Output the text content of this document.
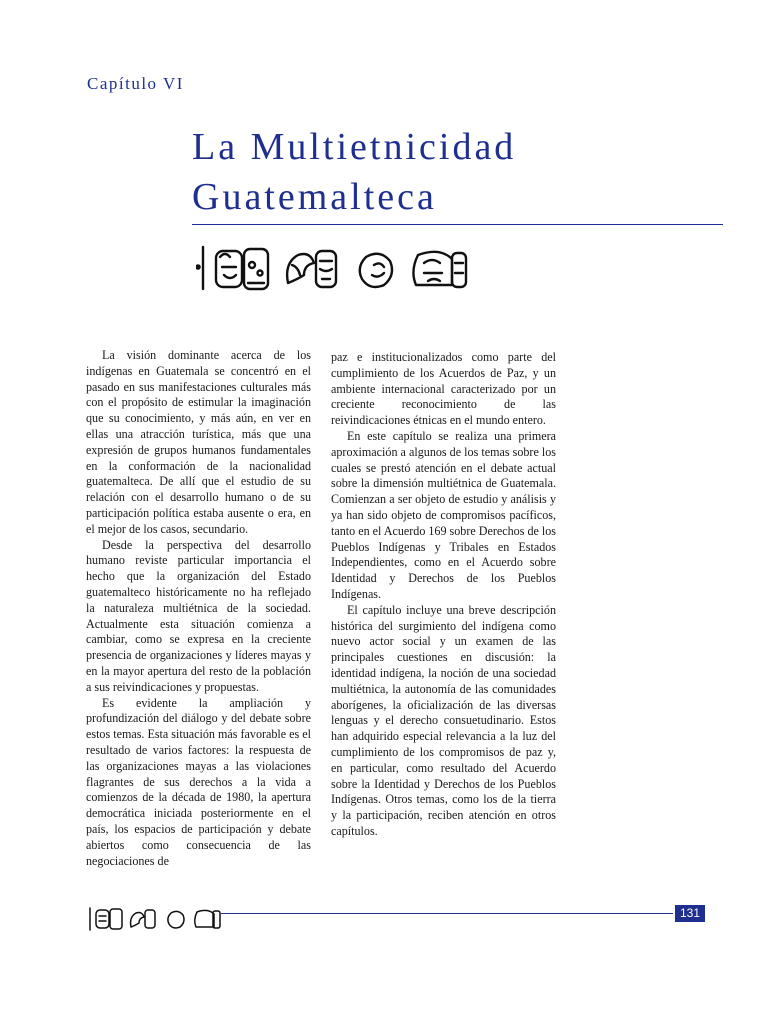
Capítulo VI
La Multietnicidad
Guatemalteca

La visión dominante acerca de los indígenas en Guatemala se concentró en el pasado en sus manifestaciones culturales más con el propósito de estimular la imaginación que su conocimiento, y más aún, en ver en ellas una atracción turística, más que una expresión de grupos humanos fundamentales en la conformación de la nacionalidad guatemalteca. De allí que el estudio de su relación con el desarrollo humano o de su participación política estaba ausente o era, en el mejor de los casos, secundario.

Desde la perspectiva del desarrollo humano reviste particular importancia el hecho que la organización del Estado guatemalteco históricamente no ha reflejado la naturaleza multiétnica de la sociedad. Actualmente esta situación comienza a cambiar, como se expresa en la creciente presencia de organizaciones y líderes mayas y en la mayor apertura del resto de la población a sus reivindicaciones y propuestas.

Es evidente la ampliación y profundización del diálogo y del debate sobre estos temas. Esta situación más favorable es el resultado de varios factores: la respuesta de las organizaciones mayas a las violaciones flagrantes de sus derechos a la vida a comienzos de la década de 1980, la apertura democrática iniciada posteriormente en el país, los espacios de participación y debate abiertos como consecuencia de las negociaciones de

paz e institucionalizados como parte del cumplimiento de los Acuerdos de Paz, y un ambiente internacional caracterizado por un creciente reconocimiento de las reivindicaciones étnicas en el mundo entero.

En este capítulo se realiza una primera aproximación a algunos de los temas sobre los cuales se prestó atención en el debate actual sobre la dimensión multiétnica de Guatemala. Comienzan a ser objeto de estudio y análisis y ya han sido objeto de compromisos pacíficos, tanto en el Acuerdo 169 sobre Derechos de los Pueblos Indígenas y Tribales en Estados Independientes, como en el Acuerdo sobre Identidad y Derechos de los Pueblos Indígenas.

El capítulo incluye una breve descripción histórica del surgimiento del indígena como nuevo actor social y un examen de las principales cuestiones en discusión: la identidad indígena, la noción de una sociedad multiétnica, la autonomía de las comunidades aborígenes, la oficialización de las diversas lenguas y el derecho consuetudinario. Estos han adquirido especial relevancia a la luz del cumplimiento de los compromisos de paz y, en particular, como resultado del Acuerdo sobre la Identidad y Derechos de los Pueblos Indígenas. Otros temas, como los de la tierra y la participación, reciben atención en otros capítulos.

131
